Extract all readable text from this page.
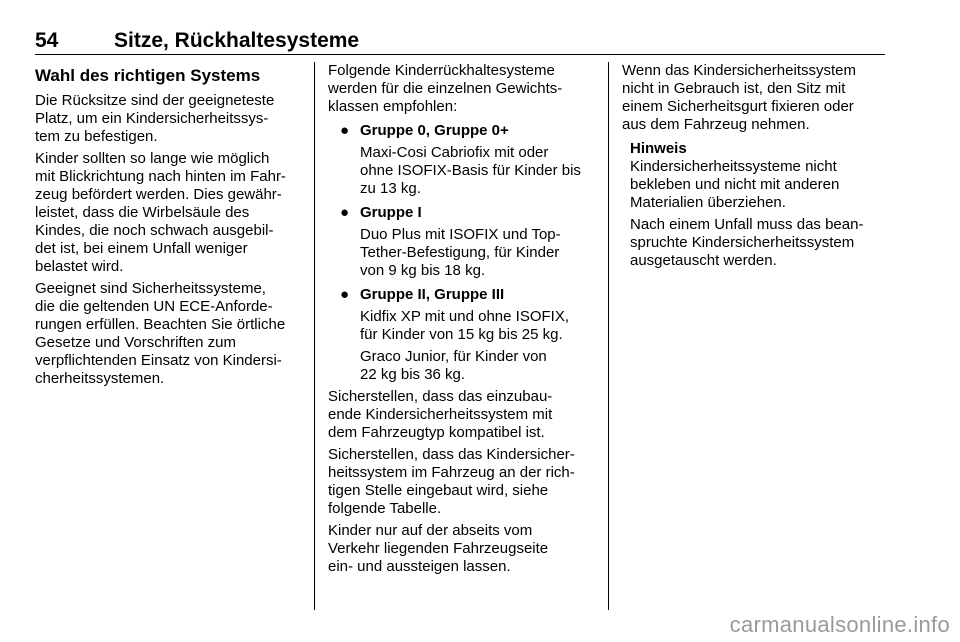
54	Sitze, Rückhaltesysteme
Wahl des richtigen Systems

Die Rücksitze sind der geeigneteste
Platz, um ein Kindersicherheitssys-
tem zu befestigen.

Kinder sollten so lange wie möglich
mit Blickrichtung nach hinten im Fahr-
zeug befördert werden. Dies gewähr-
leistet, dass die Wirbelsäule des
Kindes, die noch schwach ausgebil-
det ist, bei einem Unfall weniger
belastet wird.

Geeignet sind Sicherheitssysteme,
die die geltenden UN ECE-Anforde-
rungen erfüllen. Beachten Sie örtliche
Gesetze und Vorschriften zum
verpflichtenden Einsatz von Kindersi-
cherheitssystemen.

Folgende Kinderrückhaltesysteme
werden für die einzelnen Gewichts-
klassen empfohlen:

● Gruppe 0, Gruppe 0+

Maxi-Cosi Cabriofix mit oder
ohne ISOFIX-Basis für Kinder bis
zu 13 kg.

● Gruppe I

Duo Plus mit ISOFIX und Top-
Tether-Befestigung, für Kinder
von 9 kg bis 18 kg.

● Gruppe II, Gruppe III

Kidfix XP mit und ohne ISOFIX,
für Kinder von 15 kg bis 25 kg.

Graco Junior, für Kinder von
22 kg bis 36 kg.

Sicherstellen, dass das einzubau-
ende Kindersicherheitssystem mit
dem Fahrzeugtyp kompatibel ist.

Sicherstellen, dass das Kindersicher-
heitssystem im Fahrzeug an der rich-
tigen Stelle eingebaut wird, siehe
folgende Tabelle.

Kinder nur auf der abseits vom
Verkehr liegenden Fahrzeugseite
ein- und aussteigen lassen.

Wenn das Kindersicherheitssystem
nicht in Gebrauch ist, den Sitz mit
einem Sicherheitsgurt fixieren oder
aus dem Fahrzeug nehmen.

Hinweis

Kindersicherheitssysteme nicht
bekleben und nicht mit anderen
Materialien überziehen.

Nach einem Unfall muss das bean-
spruchte Kindersicherheitssystem
ausgetauscht werden.

carmanualsonline.info
